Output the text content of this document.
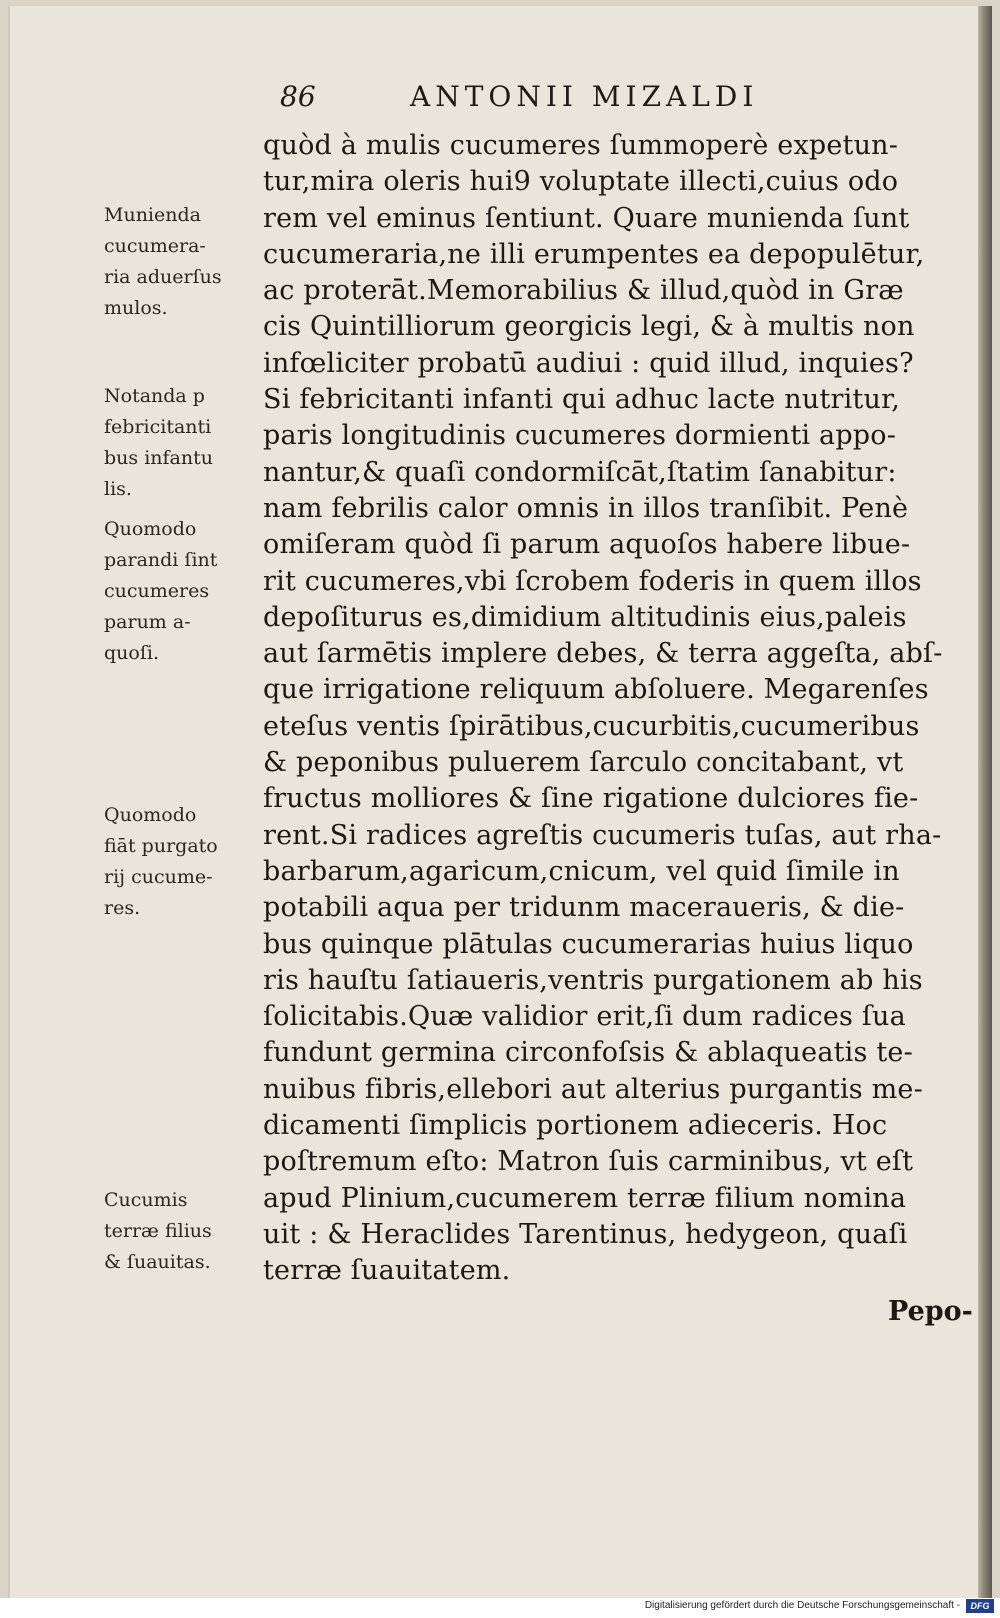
86	ANTONII MIZALDI
quòd à mulis cucumeres ſummoperè expetun-
tur,mira oleris hui9 voluptate illecti,cuius odo
rem vel eminus ſentiunt. Quare munienda ſunt
cucumeraria,ne illi erumpentes ea depopulētur,
ac proterāt.Memorabilius & illud,quòd in Græ
cis Quintilliorum georgicis legi, & à multis non
infœliciter probatū audiui : quid illud, inquies?
Si febricitanti infanti qui adhuc lacte nutritur,
paris longitudinis cucumeres dormienti appo-
nantur,& quaſi condormiſcāt,ſtatim ſanabitur:
nam febrilis calor omnis in illos tranſibit. Penè
omiſeram quòd ſi parum aquoſos habere libue-
rit cucumeres,vbi ſcrobem foderis in quem illos
depoſiturus es,dimidium altitudinis eius,paleis
aut ſarmētis implere debes, & terra aggeſta, abſ-
que irrigatione reliquum abſoluere. Megarenſes
eteſus ventis ſpirātibus,cucurbitis,cucumeribus
& peponibus puluerem ſarculo concitabant, vt
fructus molliores & ſine rigatione dulciores fie-
rent.Si radices agreſtis cucumeris tuſas, aut rha-
barbarum,agaricum,cnicum, vel quid ſimile in
potabili aqua per tridunm maceraueris, & die-
bus quinque plātulas cucumerarias huius liquo
ris hauſtu ſatiaueris,ventris purgationem ab his
ſolicitabis.Quæ validior erit,ſi dum radices ſua
fundunt germina circonfoſsis & ablaqueatis te-
nuibus fibris,ellebori aut alterius purgantis me-
dicamenti ſimplicis portionem adieceris. Hoc
poſtremum eſto: Matron ſuis carminibus, vt eſt
apud Plinium,cucumerem terræ filium nomina
uit : & Heraclides Tarentinus, hedygeon, quaſi
terræ ſuauitatem.
Munienda
cucumera-
ria aduerſus
mulos.
Notanda p
febricitanti
bus infantu
lis.
Quomodo
parandi ſint
cucumeres
parum a-
quoſi.
Quomodo
fiāt purgato
rij cucume-
res.
Cucumis
terræ filius
& ſuauitas.
Pepo-
Digitalisierung gefördert durch die Deutsche Forschungsgemeinschaft -	DFG
